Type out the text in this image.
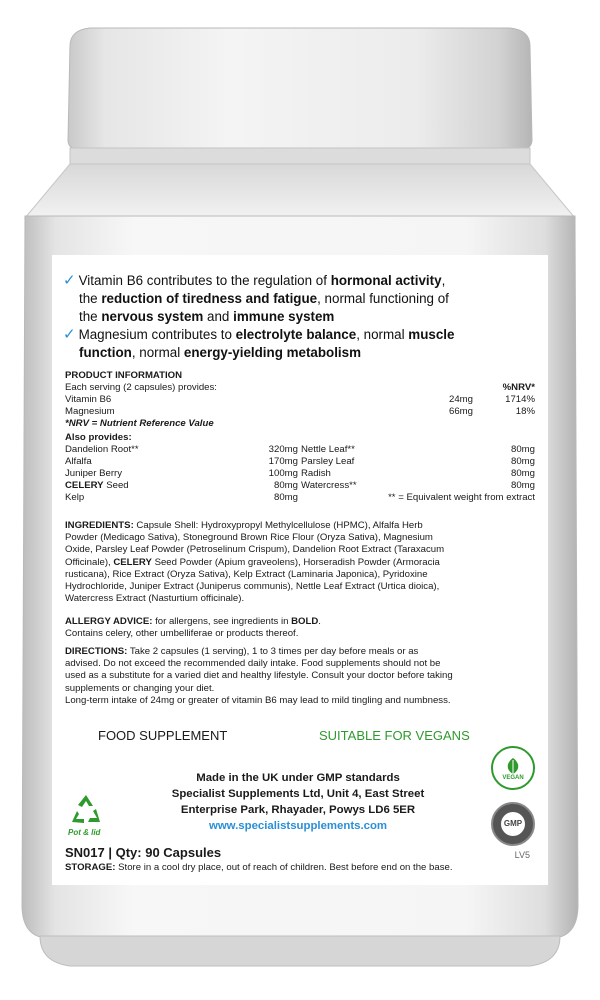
✓ Vitamin B6 contributes to the regulation of hormonal activity,
the reduction of tiredness and fatigue, normal functioning of
the nervous system and immune system
✓ Magnesium contributes to electrolyte balance, normal muscle
function, normal energy-yielding metabolism
PRODUCT INFORMATION
Each serving (2 capsules) provides:	%NRV*
Vitamin B6	24mg	1714%
Magnesium	66mg	18%
*NRV = Nutrient Reference Value
Also provides:
Dandelion Root**	320mg Nettle Leaf**	80mg
Alfalfa	170mg Parsley Leaf	80mg
Juniper Berry	100mg Radish	80mg
CELERY Seed	80mg Watercress**	80mg
Kelp	80mg	** = Equivalent weight from extract

INGREDIENTS: Capsule Shell: Hydroxypropyl Methylcellulose (HPMC), Alfalfa Herb

Powder (Medicago Sativa), Stoneground Brown Rice Flour (Oryza Sativa), Magnesium

Oxide, Parsley Leaf Powder (Petroselinum Crispum), Dandelion Root Extract (Taraxacum

Officinale), CELERY Seed Powder (Apium graveolens), Horseradish Powder (Armoracia

rusticana), Rice Extract (Oryza Sativa), Kelp Extract (Laminaria Japonica), Pyridoxine

Hydrochloride, Juniper Extract (Juniperus communis), Nettle Leaf Extract (Urtica dioica),

Watercress Extract (Nasturtium officinale).

ALLERGY ADVICE: for allergens, see ingredients in BOLD.

Contains celery, other umbelliferae or products thereof.

DIRECTIONS: Take 2 capsules (1 serving), 1 to 3 times per day before meals or as

advised. Do not exceed the recommended daily intake. Food supplements should not be

used as a substitute for a varied diet and healthy lifestyle. Consult your doctor before taking

supplements or changing your diet.

Long-term intake of 24mg or greater of vitamin B6 may lead to mild tingling and numbness.

FOOD SUPPLEMENT	SUITABLE FOR VEGANS
VEGAN
GMP
Made in the UK under GMP standards
Specialist Supplements Ltd, Unit 4, East Street
Enterprise Park, Rhayader, Powys LD6 5ER
www.specialistsupplements.com
Pot & lid
SN017 | Qty: 90 Capsules	LV5
STORAGE: Store in a cool dry place, out of reach of children. Best before end on the base.
